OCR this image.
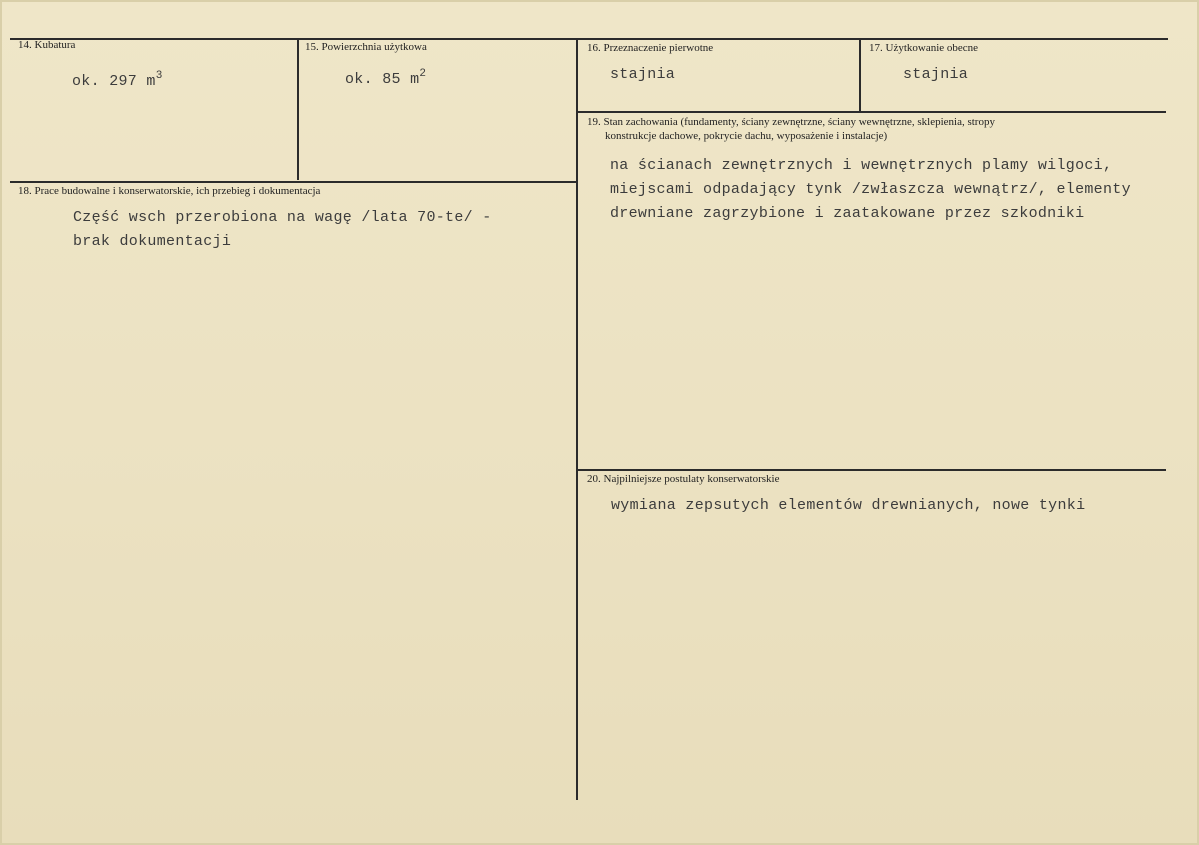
14. Kubatura
ok. 297 $m^3$
15. Powierzchnia użytkowa
ok. 85 $m^2$
16. Przeznaczenie pierwotne
stajnia
17. Użytkowanie obecne
stajnia
18. Prace budowalne i konserwatorskie, ich przebieg i dokumentacja
Część wsch przerobiona na wagę /lata 70-te/ -
brak dokumentacji
19. Stan zachowania (fundamenty, ściany zewnętrzne, ściany wewnętrzne, sklepienia, stropy
konstrukcje dachowe, pokrycie dachu, wyposażenie i instalacje)
na ścianach zewnętrznych i wewnętrznych plamy wilgoci,
miejscami odpadający tynk /zwłaszcza wewnątrz/, elementy
drewniane zagrzybione i zaatakowane przez szkodniki
20. Najpilniejsze postulaty konserwatorskie
wymiana zepsutych elementów drewnianych, nowe tynki
